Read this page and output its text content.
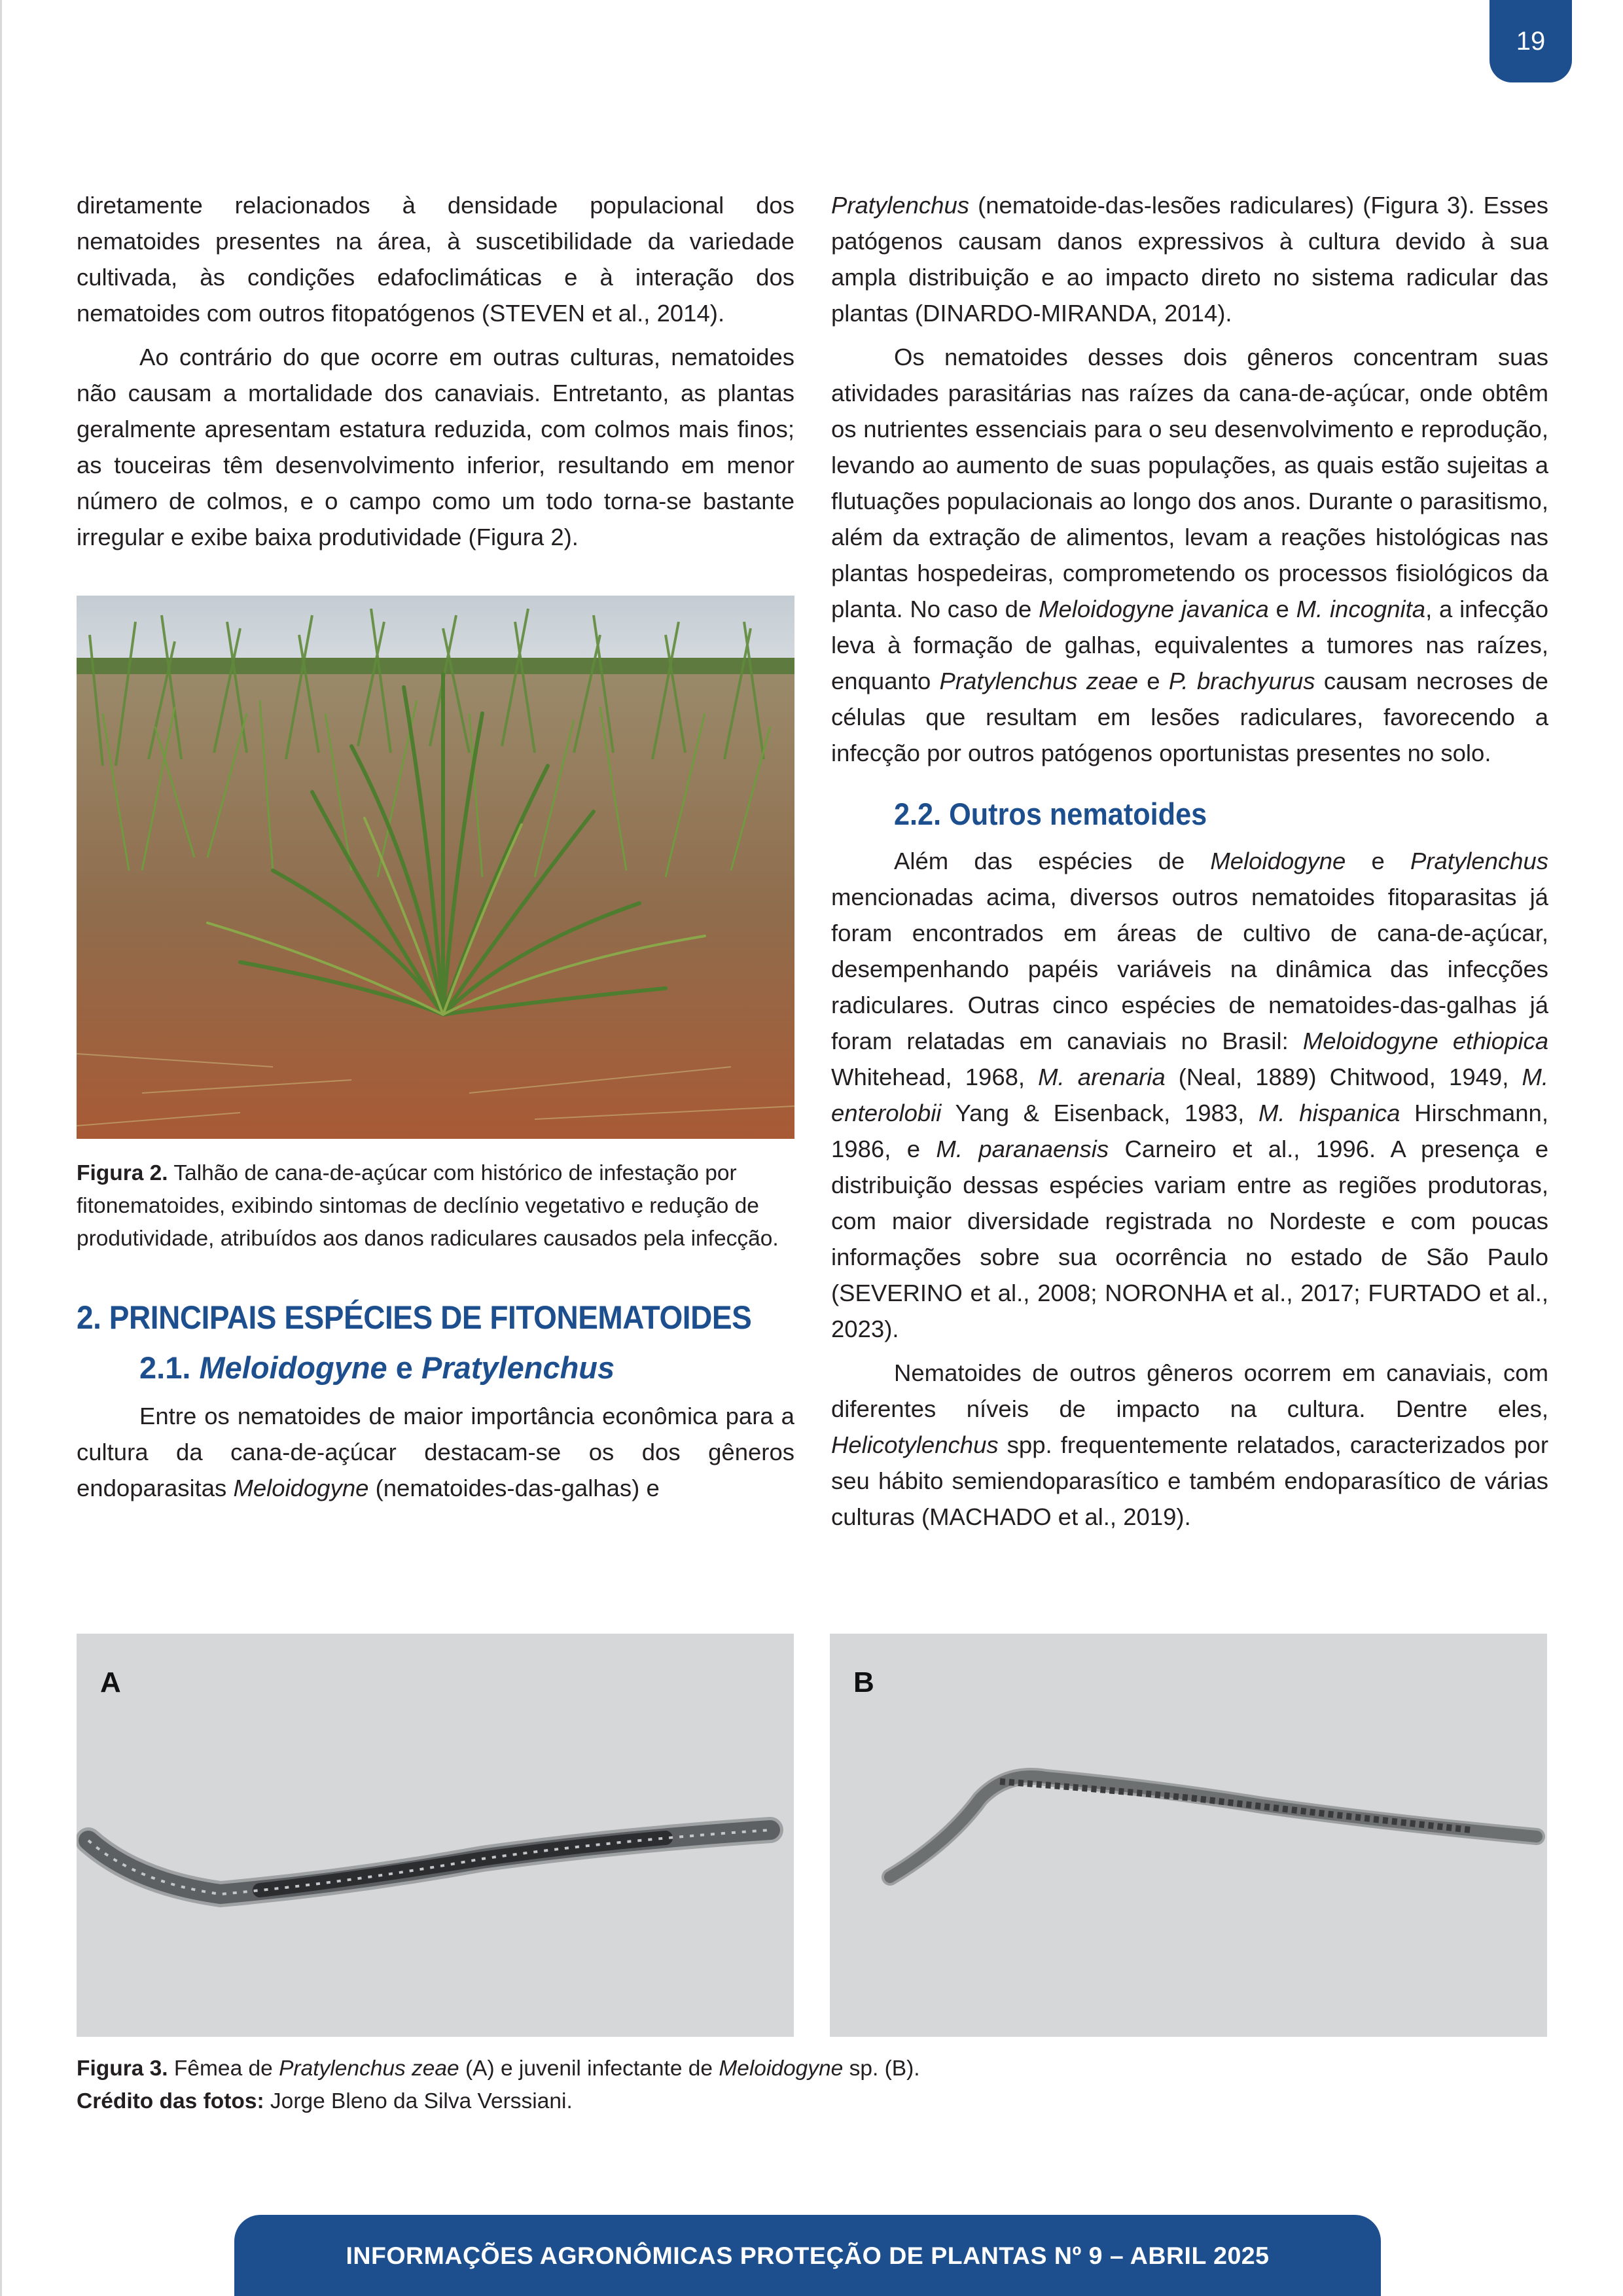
19

diretamente relacionados à densidade populacional dos nematoides presentes na área, à suscetibilidade da variedade cultivada, às condições edafoclimáticas e à interação dos nematoides com outros fitopatógenos (STEVEN et al., 2014).

Ao contrário do que ocorre em outras culturas, nematoides não causam a mortalidade dos canaviais. Entretanto, as plantas geralmente apresentam estatura reduzida, com colmos mais finos; as touceiras têm desenvolvimento inferior, resultando em menor número de colmos, e o campo como um todo torna-se bastante irregular e exibe baixa produtividade (Figura 2).

Figura 2. Talhão de cana-de-açúcar com histórico de infestação por fitonematoides, exibindo sintomas de declínio vegetativo e redução de produtividade, atribuídos aos danos radiculares causados pela infecção.

2. PRINCIPAIS ESPÉCIES DE FITONEMATOIDES
2.1. Meloidogyne e Pratylenchus

Entre os nematoides de maior importância econômica para a cultura da cana-de-açúcar destacam-se os dos gêneros endoparasitas Meloidogyne (nematoides-das-galhas) e

Pratylenchus (nematoide-das-lesões radiculares) (Figura 3). Esses patógenos causam danos expressivos à cultura devido à sua ampla distribuição e ao impacto direto no sistema radicular das plantas (DINARDO-MIRANDA, 2014).

Os nematoides desses dois gêneros concentram suas atividades parasitárias nas raízes da cana-de-açúcar, onde obtêm os nutrientes essenciais para o seu desenvolvimento e reprodução, levando ao aumento de suas populações, as quais estão sujeitas a flutuações populacionais ao longo dos anos. Durante o parasitismo, além da extração de alimentos, levam a reações histológicas nas plantas hospedeiras, comprometendo os processos fisiológicos da planta. No caso de Meloidogyne javanica e M. incognita, a infecção leva à formação de galhas, equivalentes a tumores nas raízes, enquanto Pratylenchus zeae e P. brachyurus causam necroses de células que resultam em lesões radiculares, favorecendo a infecção por outros patógenos oportunistas presentes no solo.

2.2. Outros nematoides

Além das espécies de Meloidogyne e Pratylenchus mencionadas acima, diversos outros nematoides fitoparasitas já foram encontrados em áreas de cultivo de cana-de-açúcar, desempenhando papéis variáveis na dinâmica das infecções radiculares. Outras cinco espécies de nematoides-das-galhas já foram relatadas em canaviais no Brasil: Meloidogyne ethiopica Whitehead, 1968, M. arenaria (Neal, 1889) Chitwood, 1949, M. enterolobii Yang & Eisenback, 1983, M. hispanica Hirschmann, 1986, e M. paranaensis Carneiro et al., 1996. A presença e distribuição dessas espécies variam entre as regiões produtoras, com maior diversidade registrada no Nordeste e com poucas informações sobre sua ocorrência no estado de São Paulo (SEVERINO et al., 2008; NORONHA et al., 2017; FURTADO et al., 2023).

Nematoides de outros gêneros ocorrem em canaviais, com diferentes níveis de impacto na cultura. Dentre eles, Helicotylenchus spp. frequentemente relatados, caracterizados por seu hábito semiendoparasítico e também endoparasítico de várias culturas (MACHADO et al., 2019).

A	B
Figura 3. Fêmea de Pratylenchus zeae (A) e juvenil infectante de Meloidogyne sp. (B).
Crédito das fotos: Jorge Bleno da Silva Verssiani.
INFORMAÇÕES AGRONÔMICAS PROTEÇÃO DE PLANTAS Nº 9 – ABRIL 2025
